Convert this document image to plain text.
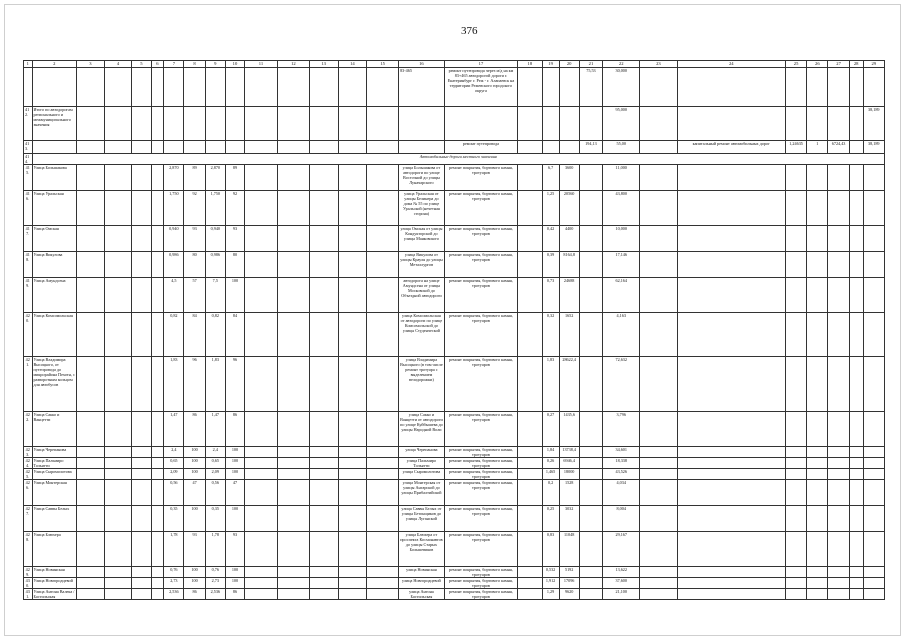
376
1	2	3	4	5	6	7	8	9	10	11	12	13	14	15	16	17	18	19	20	21	22	23	24	25	26	27	28	29
															83-465	ремонт путепровода через м/д на км 83+465 автодорогой дороги г. Екатеринбург г. Реж - г. Алапаевск на территории Режевского городского округа				75,53	30,000							
412.	Итого по автодорогам регионального и межмуниципального значения																				95,000							38,189
413.																ремонт путепровода				194,13	55,00		капитальный ремонт автомобильных дорог	1,24635	1	6724,43		38,189
414.	Автомобильные дороги местного значения																											
415.	Улица Большакова					2,870	89	2,870	89						улица Большакова от автодороги по улице Восточной до улицы Луначарского	ремонт покрытия, бортового камня, тротуаров		6,7	3600		11,000							
416.	Улица Уральская					1,750	92	1,750	92						улица Уральская от улицы Белинера до дома № 55 по улице Уральской (нечетная сторона)	ремонт покрытия, бортового камня, тротуаров		1,25	20560		43,800							
417.	Улица Омская					0,940	93	0,940	93						улица Омская от улицы Кондукторской до улицы Маяковского	ремонт покрытия, бортового камня, тротуаров		0,42	4400		10,000							
418.	Улица Викулова					0,986	80	0,986	80						улица Викулова от улицы Крауля до улицы Металлургов	ремонт покрытия, бортового камня, тротуаров		0,39	8164,8		17,146							
419.	Улица Амундсена					4,5	57	7,5	100						автодорога на улице Амундсена от улицы Московской до Объездной автодороги	ремонт покрытия, бортового камня, тротуаров		0,73	24688		62,164							
420.	Улица Комсомольская					0,82	84	0,82	84						улица Комсомольская от автодороги по улице Комсомольской до улицы Студенческой	ремонт покрытия, бортового камня, тротуаров		0,32	1652		4,163							
421.	Улица Владимира Высоцкого, от путепровода до микрорайона Пехотн, с разворотным кольцом для автобусов					1,83	96	1,83	96						улица Владимира Высоцкого (в том числе ремонт тротуара с выделением велодорожки)	ремонт покрытия, бортового камня, тротуаров		1,83	28622,4		72,632							
422.	Улица Сакко и Ванцетти					1,47	86	1,47	86						улица Сакко и Ванцетти от автодороги по улице Куйбышева до улицы Народной Воли	ремонт покрытия, бортового камня, тротуаров		0,27	1435,6		3,796							
423.	Улица Черепанова					2,4	100	2,4	100						улица Черепанова	ремонт покрытия, бортового камня, тротуаров		1,84	13738,4		34,601							
424.	Улица Пальмиро Тольятти					0,65	100	0,65	100						улица Пальмиро Тольятти	ремонт покрытия, бортового камня, тротуаров		0,26	6946,4		18,338							
425.	Улица Сыромолотова					2,09	100	2,09	100						улица Сыромолотова	ремонт покрытия, бортового камня, тротуаров		1,465	18000		43,526							
426.	Улица Монтерская					0,56	47	0,56	47						улица Монтерская от улицы Ангарской до улицы Прибалтийской	ремонт покрытия, бортового камня, тротуаров		0,2	1528		4,034							
427.	Улица Саввы Белых					0,35	100	0,35	100						улица Саввы Белых от улицы Бетонщиков до улицы Луганской	ремонт покрытия, бортового камня, тротуаров		0,25	3032		8,004							
428.	Улица Блюхера					1,78	93	1,78	93						улица Блюхера от проспекта Космонавтов до улицы Старых Большевиков	ремонт покрытия, бортового камня, тротуаров		0,83	11048		29,167							
429.	Улица Новинская					0,76	100	0,76	100						улица Новинская	ремонт покрытия, бортового камня, тротуаров		0,532	5192		13,622							
430.	Улица Новгородцевой					2,73	100	2,73	100						улица Новгородцевой	ремонт покрытия, бортового камня, тротуаров		1,912	17096		37,600							
431.	Улица Антона Валека / Бастильская					2,536	86	2,536	86						улица Антона Бастильская	ремонт покрытия, бортового камня, тротуаров		1,29	9620		21,100							
